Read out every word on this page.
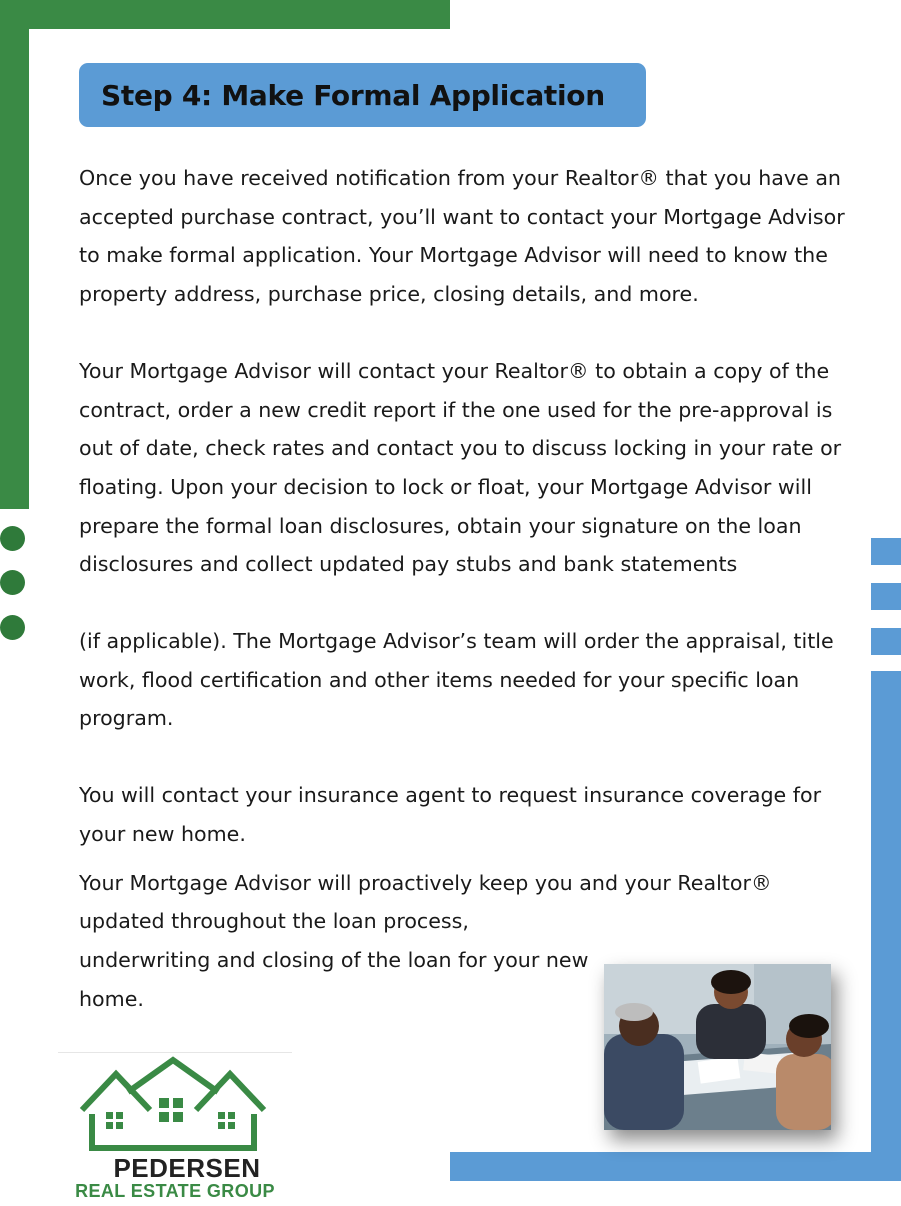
Step 4: Make Formal Application

Once you have received notification from your Realtor® that you have an accepted purchase contract, you’ll want to contact your Mortgage Advisor to make formal application. Your Mortgage Advisor will need to know the property address, purchase price, closing details, and more.

Your Mortgage Advisor will contact your Realtor® to obtain a copy of the contract, order a new credit report if the one used for the pre-approval is out of date, check rates and contact you to discuss locking in your rate or floating. Upon your decision to lock or float, your Mortgage Advisor will prepare the formal loan disclosures, obtain your signature on the loan disclosures and collect updated pay stubs and bank statements

(if applicable). The Mortgage Advisor’s team will order the appraisal, title work, flood certification and other items needed for your specific loan program.

You will contact your insurance agent to request insurance coverage for your new home.

Your Mortgage Advisor will proactively keep you and your Realtor®

updated throughout the loan process, underwriting and closing of the loan for your new home.

PEDERSEN
REAL ESTATE GROUP
